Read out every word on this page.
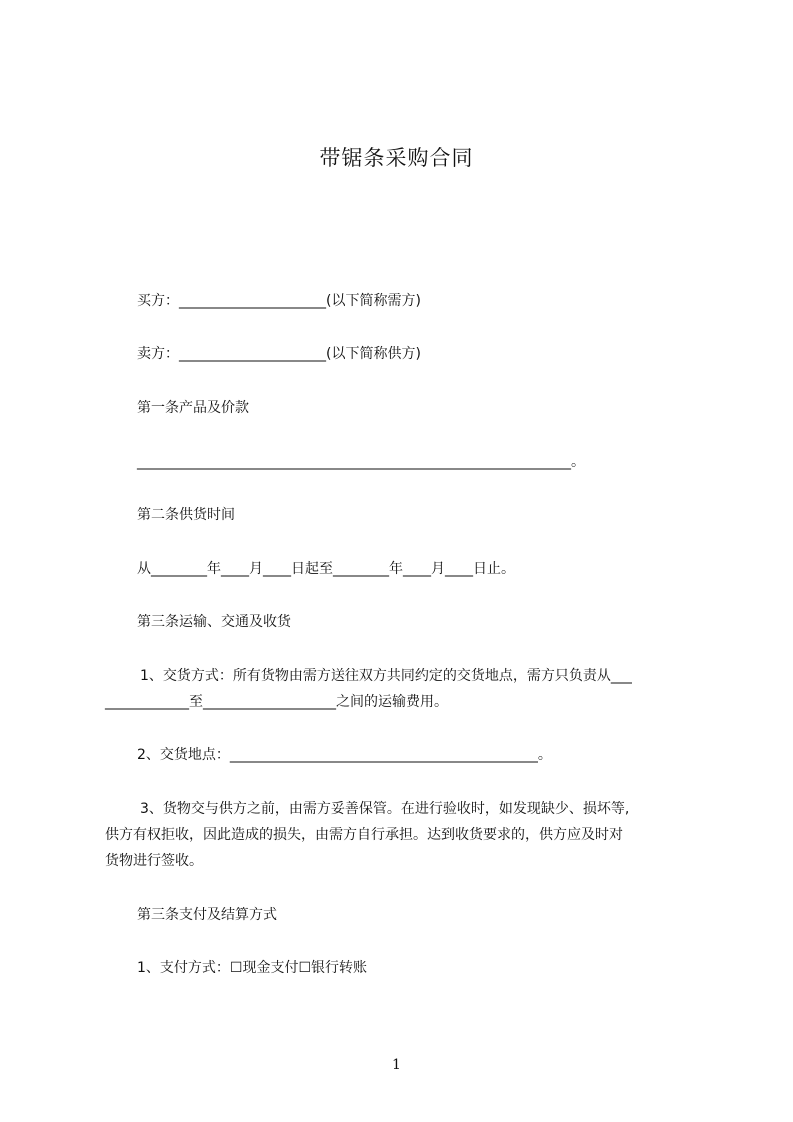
带锯条采购合同
买方：_____________________(以下简称需方)
卖方：_____________________(以下简称供方)
第一条产品及价款
______________________________________________________________。
第二条供货时间
从________年____月____日起至________年____月____日止。
第三条运输、交通及收货
1、交货方式：所有货物由需方送往双方共同约定的交货地点，需方只负责从___
____________至___________________之间的运输费用。
2、交货地点：____________________________________________。
3、货物交与供方之前，由需方妥善保管。在进行验收时，如发现缺少、损坏等,
供方有权拒收，因此造成的损失，由需方自行承担。达到收货要求的，供方应及时对
货物进行签收。
第三条支付及结算方式
1、支付方式：☐现金支付☐银行转账
1
